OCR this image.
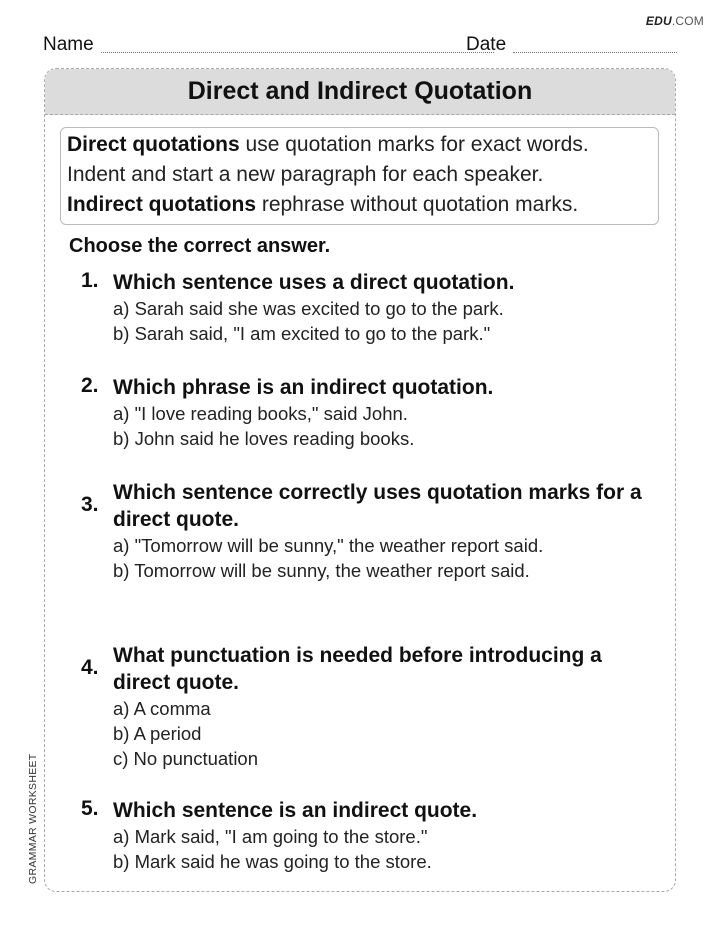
EDU.COM
Name	Date
Direct and Indirect Quotation
Direct quotations use quotation marks for exact words.
Indent and start a new paragraph for each speaker.
Indirect quotations rephrase without quotation marks.
Choose the correct answer.
1. Which sentence uses a direct quotation.
a) Sarah said she was excited to go to the park.
b) Sarah said, "I am excited to go to the park."
2. Which phrase is an indirect quotation.
a) "I love reading books," said John.
b) John said he loves reading books.
3.
Which sentence correctly uses quotation marks for a direct quote.
a) "Tomorrow will be sunny," the weather report said.
b) Tomorrow will be sunny, the weather report said.
4.
What punctuation is needed before introducing a direct quote.
a) A comma
b) A period
c) No punctuation
5. Which sentence is an indirect quote.
a) Mark said, "I am going to the store."
b) Mark said he was going to the store.
GRAMMAR WORKSHEET
